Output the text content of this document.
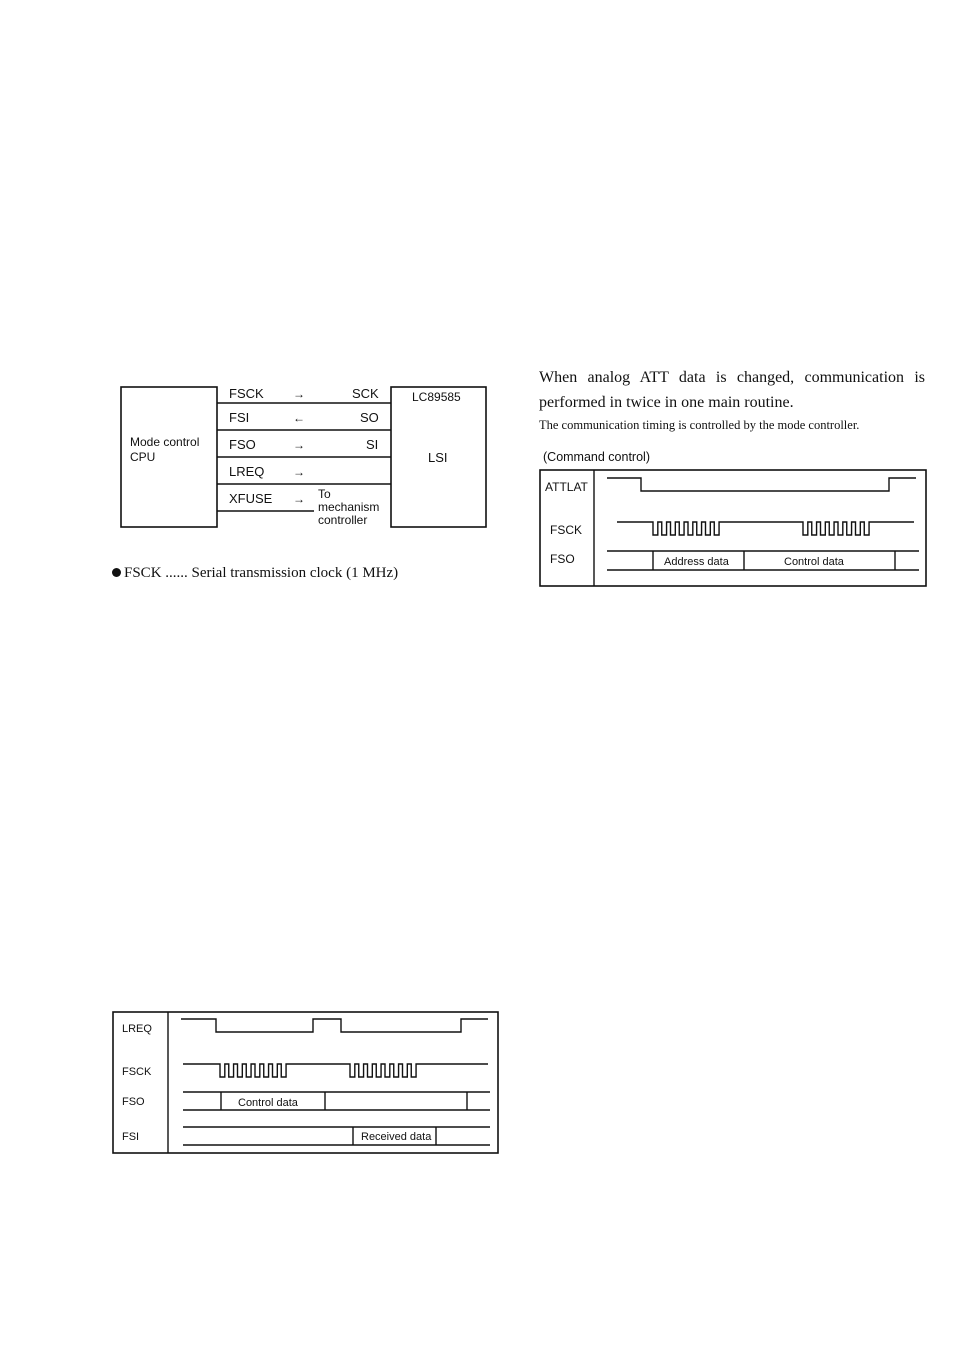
Mode control
CPU
LC89585
LSI
FSCK →	SCK
FSI	←	SO
FSO	→	SI
LREQ →
XFUSE → To
mechanism
controller
FSCK ...... Serial transmission clock (1 MHz)
When analog ATT data is changed, communication is
performed in twice in one main routine.
The communication timing is controlled by the mode controller.
(Command control)
ATTLAT
FSCK
FSO	Address data	Control data
LREQ
FSCK
FSO
FSI
Control data
Received data
